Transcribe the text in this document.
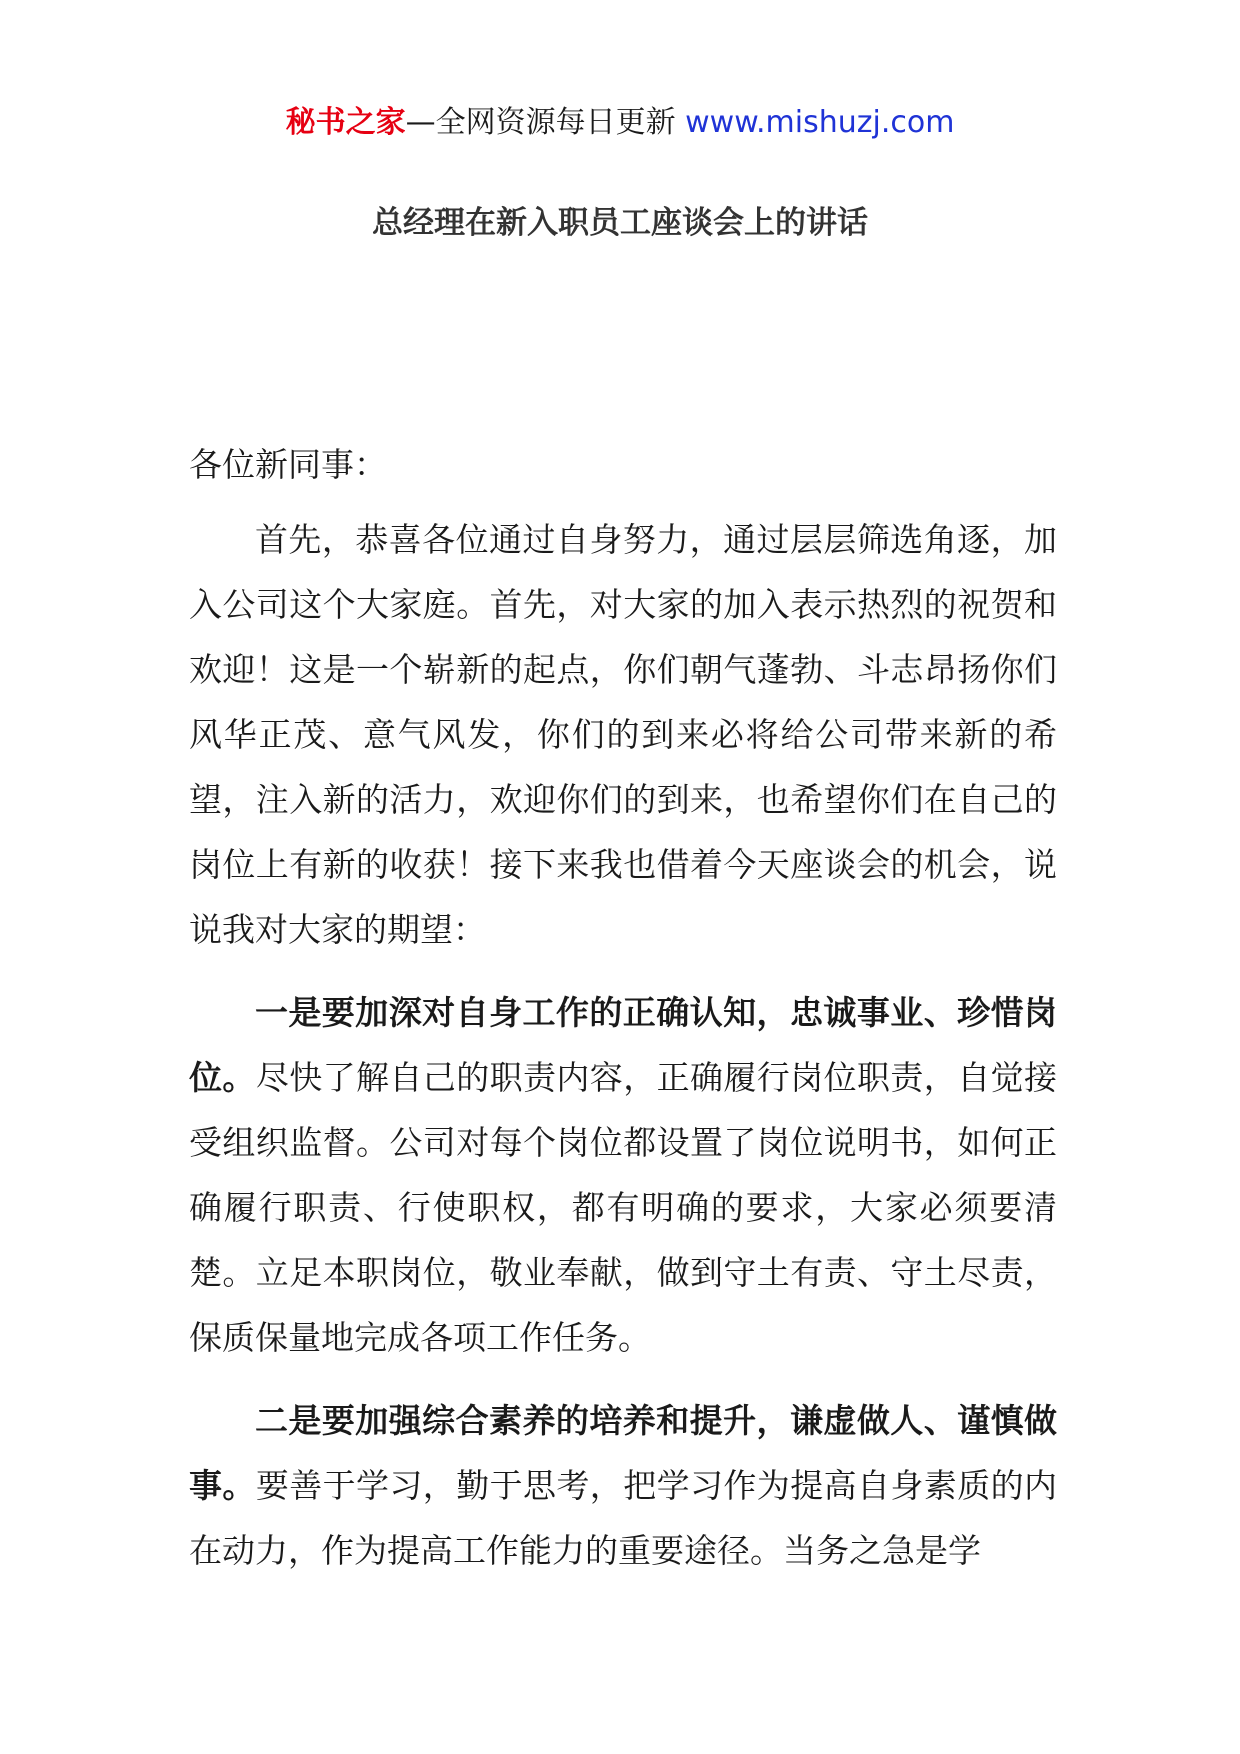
秘书之家—全网资源每日更新 www.mishuzj.com
总经理在新入职员工座谈会上的讲话

各位新同事：

首先，恭喜各位通过自身努力，通过层层筛选角逐，加入公司这个大家庭。首先，对大家的加入表示热烈的祝贺和欢迎！这是一个崭新的起点，你们朝气蓬勃、斗志昂扬你们风华正茂、意气风发，你们的到来必将给公司带来新的希望，注入新的活力，欢迎你们的到来，也希望你们在自己的岗位上有新的收获！接下来我也借着今天座谈会的机会，说说我对大家的期望：

一是要加深对自身工作的正确认知，忠诚事业、珍惜岗位。尽快了解自己的职责内容，正确履行岗位职责，自觉接受组织监督。公司对每个岗位都设置了岗位说明书，如何正确履行职责、行使职权，都有明确的要求，大家必须要清楚。立足本职岗位，敬业奉献，做到守土有责、守土尽责，保质保量地完成各项工作任务。

二是要加强综合素养的培养和提升，谦虚做人、谨慎做事。要善于学习，勤于思考，把学习作为提高自身素质的内在动力，作为提高工作能力的重要途径。当务之急是学
